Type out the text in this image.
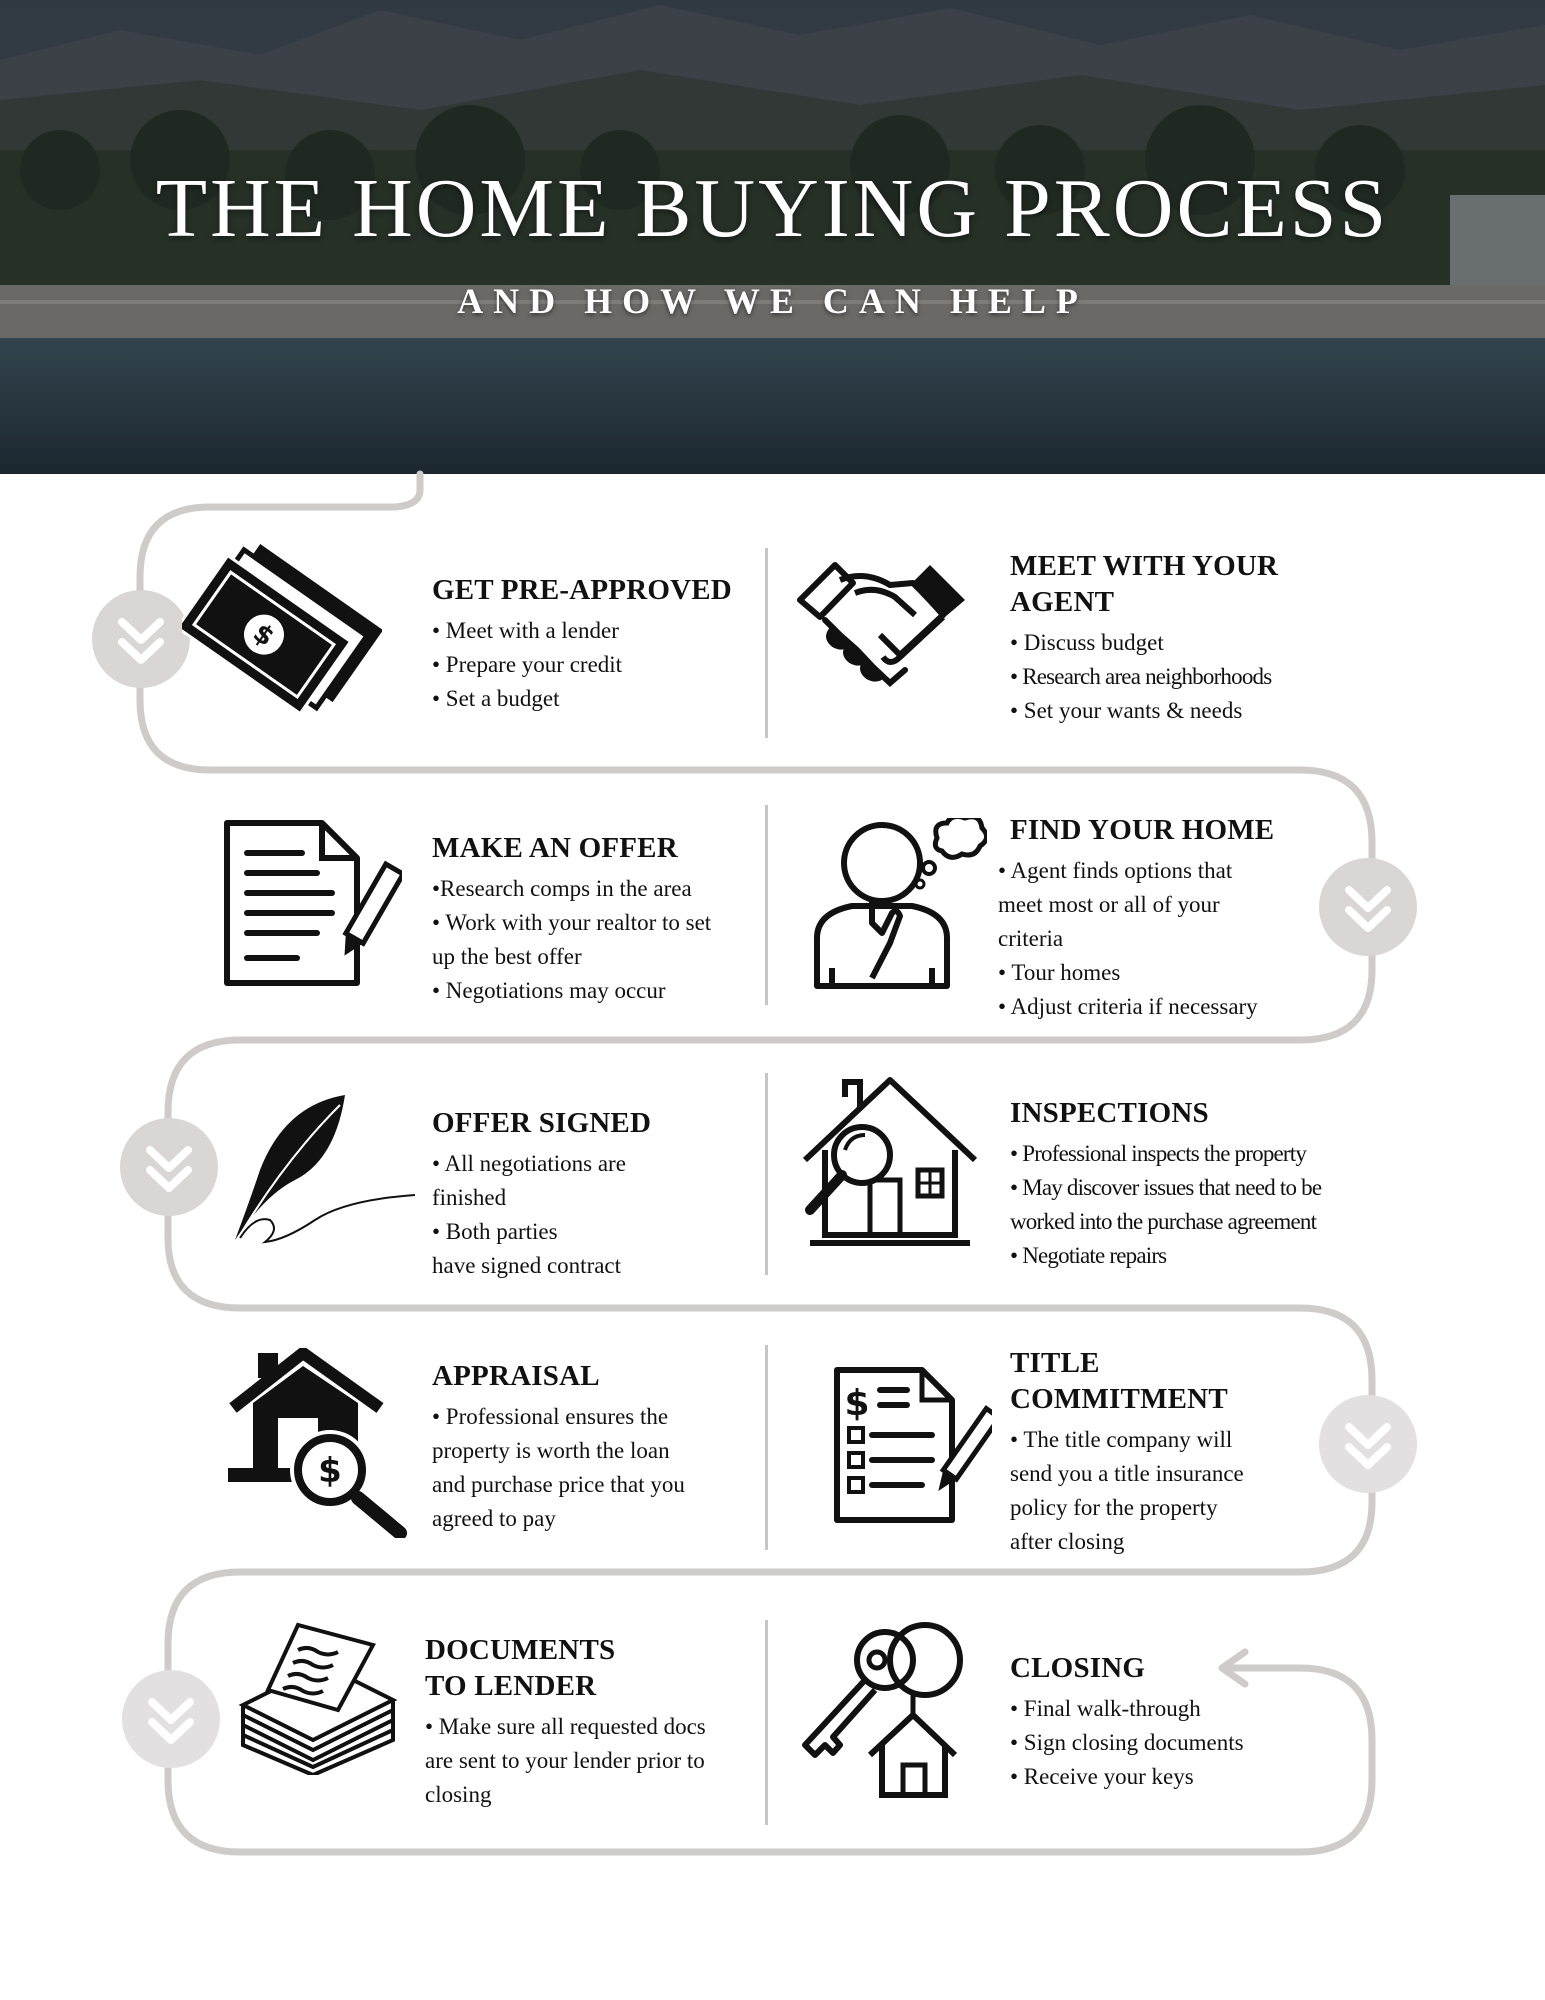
THE HOME BUYING PROCESS

AND HOW WE CAN HELP

$
$
$
GET PRE-APPROVED
• Meet with a lender
• Prepare your credit
• Set a budget
MEET WITH YOUR
AGENT
• Discuss budget
• Research area neighborhoods
• Set your wants & needs
MAKE AN OFFER
•Research comps in the area
• Work with your realtor to set
up the best offer
• Negotiations may occur
FIND YOUR HOME
• Agent finds options that
meet most or all of your
criteria
• Tour homes
• Adjust criteria if necessary
OFFER SIGNED
• All negotiations are
finished
• Both parties
have signed contract
INSPECTIONS
• Professional inspects the property
• May discover issues that need to be
worked into the purchase agreement
• Negotiate repairs
APPRAISAL
• Professional ensures the
property is worth the loan
and purchase price that you
agreed to pay
TITLE
COMMITMENT
• The title company will
send you a title insurance
policy for the property
after closing
DOCUMENTS
TO LENDER
• Make sure all requested docs
are sent to your lender prior to
closing
CLOSING
• Final walk-through
• Sign closing documents
• Receive your keys
